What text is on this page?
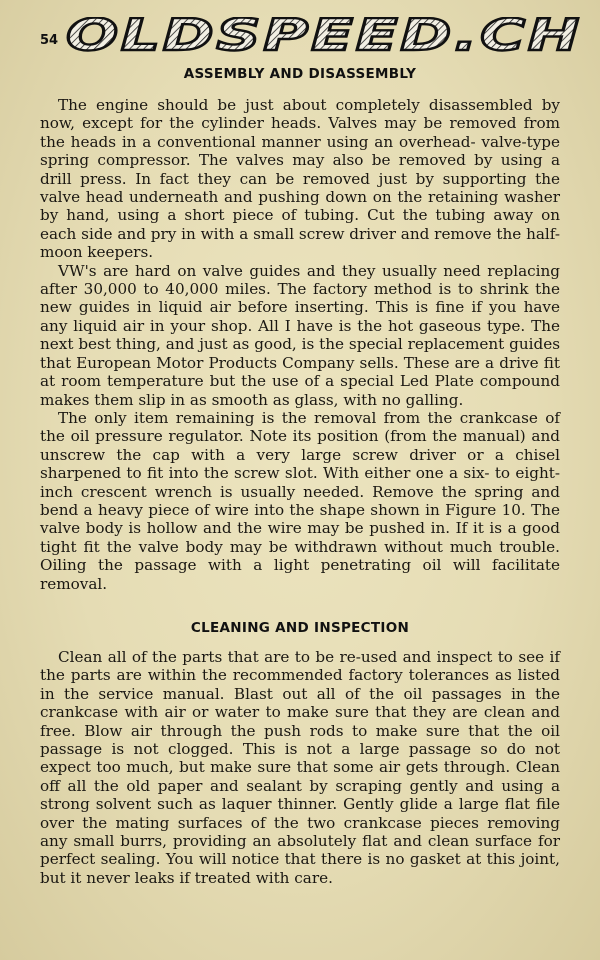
54 OLDSPEED.CH
ASSEMBLY AND DISASSEMBLY

The engine should be just about completely disassembled by now, except for the cylinder heads. Valves may be removed from the heads in a conventional manner using an overhead- valve-type spring compressor. The valves may also be removed by using a drill press. In fact they can be removed just by supporting the valve head underneath and pushing down on the retaining washer by hand, using a short piece of tubing. Cut the tubing away on each side and pry in with a small screw driver and remove the half-moon keepers.

VW's are hard on valve guides and they usually need replacing after 30,000 to 40,000 miles. The factory method is to shrink the new guides in liquid air before inserting. This is fine if you have any liquid air in your shop. All I have is the hot gaseous type. The next best thing, and just as good, is the special replacement guides that European Motor Products Company sells. These are a drive fit at room temperature but the use of a special Led Plate compound makes them slip in as smooth as glass, with no galling.

The only item remaining is the removal from the crankcase of the oil pressure regulator. Note its position (from the manual) and unscrew the cap with a very large screw driver or a chisel sharpened to fit into the screw slot. With either one a six- to eight-inch crescent wrench is usually needed. Remove the spring and bend a heavy piece of wire into the shape shown in Figure 10. The valve body is hollow and the wire may be pushed in. If it is a good tight fit the valve body may be withdrawn without much trouble. Oiling the passage with a light penetrating oil will facilitate removal.

CLEANING AND INSPECTION

Clean all of the parts that are to be re-used and inspect to see if the parts are within the recommended factory tolerances as listed in the service manual. Blast out all of the oil passages in the crankcase with air or water to make sure that they are clean and free. Blow air through the push rods to make sure that the oil passage is not clogged. This is not a large passage so do not expect too much, but make sure that some air gets through. Clean off all the old paper and sealant by scraping gently and using a strong solvent such as laquer thinner. Gently glide a large flat file over the mating surfaces of the two crankcase pieces removing any small burrs, providing an absolutely flat and clean surface for perfect sealing. You will notice that there is no gasket at this joint, but it never leaks if treated with care.
